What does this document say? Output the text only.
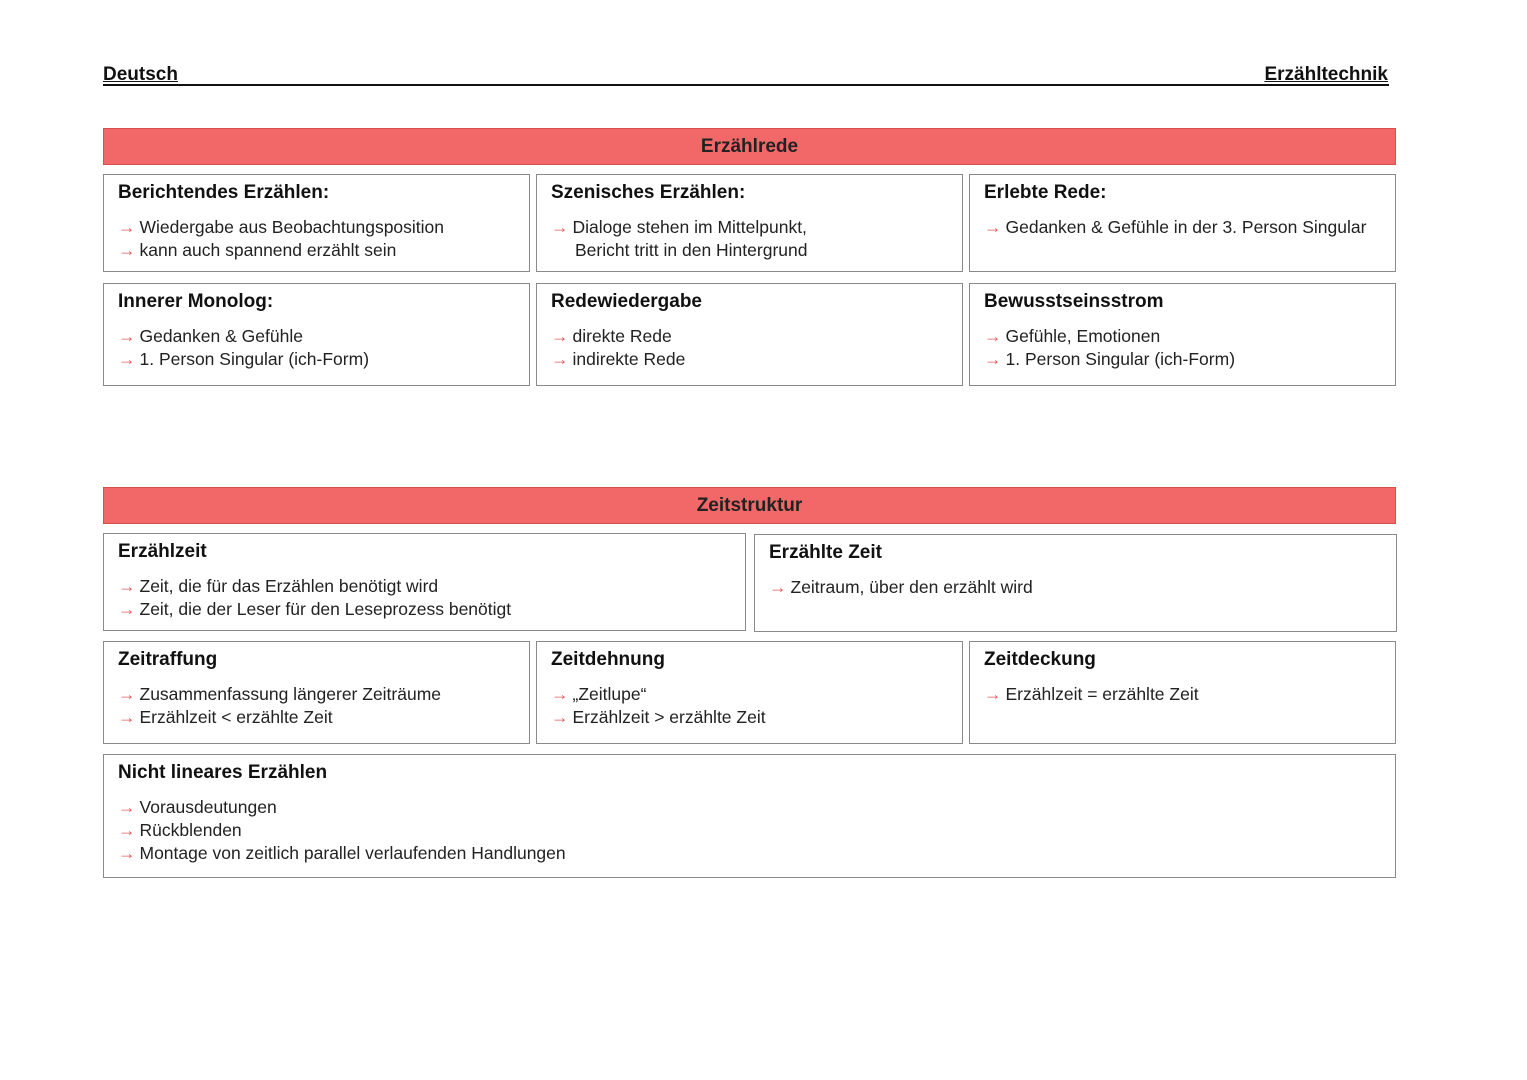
Deutsch	Erzähltechnik
Erzählrede
Berichtendes Erzählen:
→ Wiedergabe aus Beobachtungsposition
→ kann auch spannend erzählt sein
Szenisches Erzählen:
→ Dialoge stehen im Mittelpunkt,
Bericht tritt in den Hintergrund
Erlebte Rede:
→ Gedanken & Gefühle in der 3. Person Singular
Innerer Monolog:
→ Gedanken & Gefühle
→ 1. Person Singular (ich-Form)
Redewiedergabe
→ direkte Rede
→ indirekte Rede
Bewusstseinsstrom
→ Gefühle, Emotionen
→ 1. Person Singular (ich-Form)
Zeitstruktur
Erzählzeit
→ Zeit, die für das Erzählen benötigt wird
→ Zeit, die der Leser für den Leseprozess benötigt
Erzählte Zeit
→ Zeitraum, über den erzählt wird
Zeitraffung
→ Zusammenfassung längerer Zeiträume
→ Erzählzeit < erzählte Zeit
Zeitdehnung
→ „Zeitlupe“
→ Erzählzeit > erzählte Zeit
Zeitdeckung
→ Erzählzeit = erzählte Zeit
Nicht lineares Erzählen
→ Vorausdeutungen
→ Rückblenden
→ Montage von zeitlich parallel verlaufenden Handlungen
